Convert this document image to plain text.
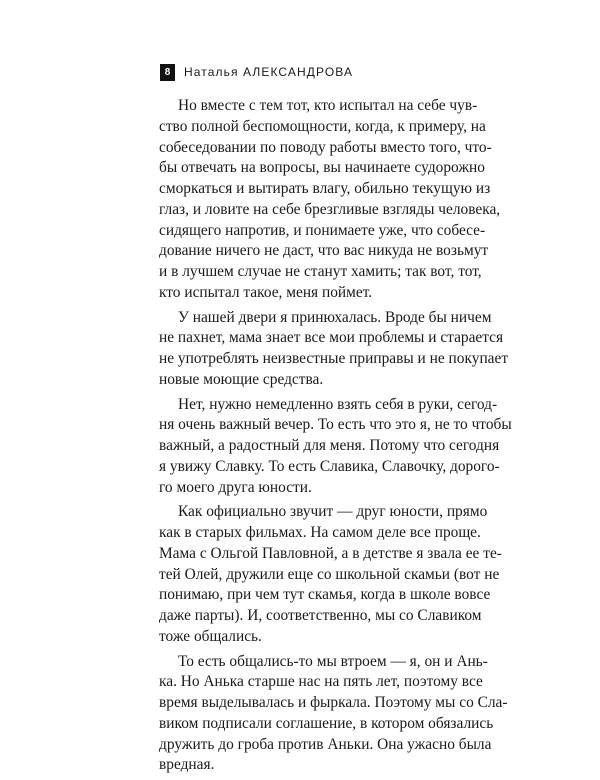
8	Наталья АЛЕКСАНДРОВА

Но вместе с тем тот, кто испытал на себе чув-
ство полной беспомощности, когда, к примеру, на
собеседовании по поводу работы вместо того, что-
бы отвечать на вопросы, вы начинаете судорожно
сморкаться и вытирать влагу, обильно текущую из
глаз, и ловите на себе брезгливые взгляды человека,
сидящего напротив, и понимаете уже, что собесе-
дование ничего не даст, что вас никуда не возьмут
и в лучшем случае не станут хамить; так вот, тот,
кто испытал такое, меня поймет.

У нашей двери я принюхалась. Вроде бы ничем
не пахнет, мама знает все мои проблемы и старается
не употреблять неизвестные приправы и не покупает
новые моющие средства.

Нет, нужно немедленно взять себя в руки, сегод-
ня очень важный вечер. То есть что это я, не то чтобы
важный, а радостный для меня. Потому что сегодня
я увижу Славку. То есть Славика, Славочку, дорого-
го моего друга юности.

Как официально звучит — друг юности, прямо
как в старых фильмах. На самом деле все проще.
Мама с Ольгой Павловной, а в детстве я звала ее те-
тей Олей, дружили еще со школьной скамьи (вот не
понимаю, при чем тут скамья, когда в школе вовсе
даже парты). И, соответственно, мы со Славиком
тоже общались.

То есть общались-то мы втроем — я, он и Ань-
ка. Но Анька старше нас на пять лет, поэтому все
время выделывалась и фыркала. Поэтому мы со Сла-
виком подписали соглашение, в котором обязались
дружить до гроба против Аньки. Она ужасно была
вредная.
